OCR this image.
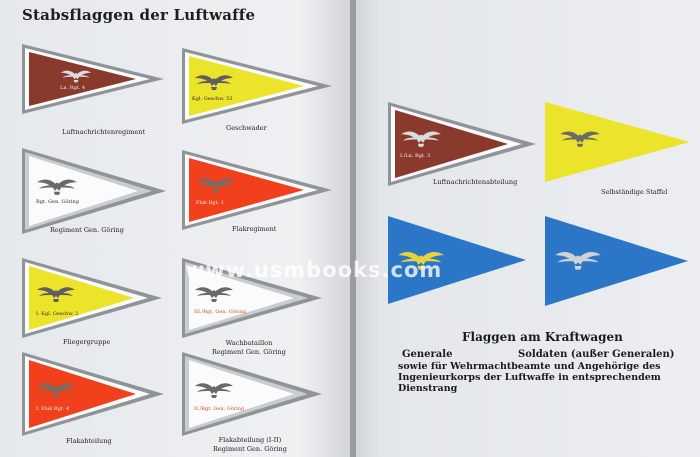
Stabsflaggen der Luftwaffe
Ln. Rgt. 4
Luftnachrichtenregiment
Kgl. Geschw. 53
Geschwader
Rgt. Gen. Göring
Regiment Gen. Göring
Flak Rgt. 1
Flakregiment
I. Kgl. Geschw. 2
Fliegergruppe
III./Rgt. Gen. Göring
Wachbataillon
Regiment Gen. Göring
I. Flak Rgt. 4
Flakabteilung
II./Rgt. Gen. Göring
Flakabteilung (I-II)
Regiment Gen. Göring
I./Ln. Rgt. 3
Luftnachrichtenabteilung
Selbständige Staffel
www.usmbooks.com
Flaggen am Kraftwagen
Generale	Soldaten (außer Generalen)
sowie für Wehrmachtbeamte und Angehörige des Ingenieurkorps der Luftwaffe in entsprechendem Dienstrang
